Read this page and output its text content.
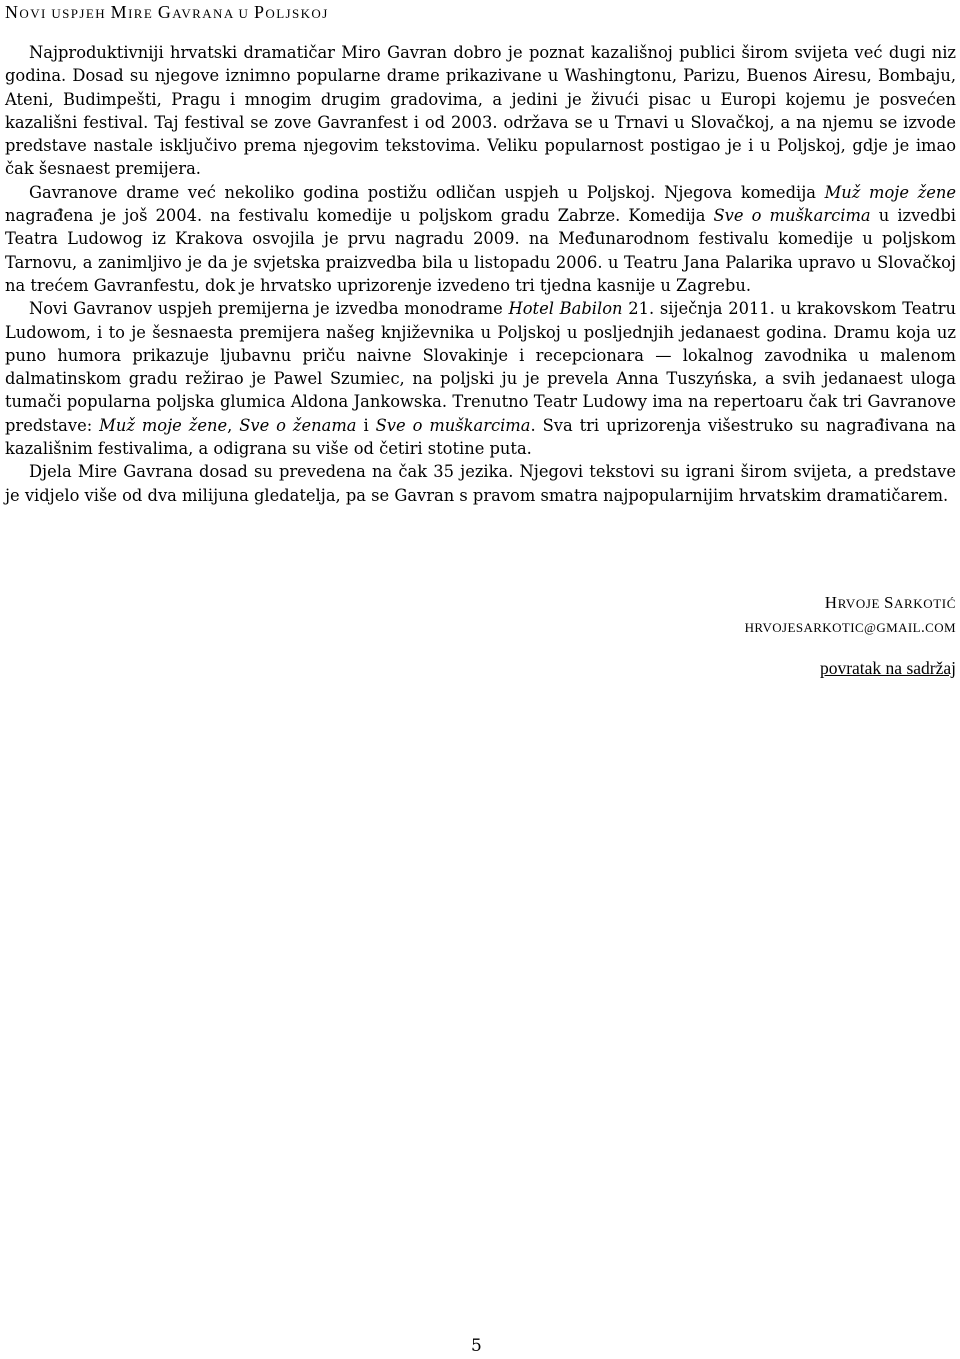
NOVI USPJEH MIRE GAVRANA U POLJSKOJ

Najproduktivniji hrvatski dramatičar Miro Gavran dobro je poznat kazališnoj publici širom svijeta već dugi niz godina. Dosad su njegove iznimno popularne drame prikazivane u Washingtonu, Parizu, Buenos Airesu, Bombaju, Ateni, Budimpešti, Pragu i mnogim drugim gradovima, a jedini je živući pisac u Europi kojemu je posvećen kazališni festival. Taj festival se zove Gavranfest i od 2003. održava se u Trnavi u Slovačkoj, a na njemu se izvode predstave nastale isključivo prema njegovim tekstovima. Veliku popularnost postigao je i u Poljskoj, gdje je imao čak šesnaest premijera.

Gavranove drame već nekoliko godina postižu odličan uspjeh u Poljskoj. Njegova komedija Muž moje žene nagrađena je još 2004. na festivalu komedije u poljskom gradu Zabrze. Komedija Sve o muškarcima u izvedbi Teatra Ludowog iz Krakova osvojila je prvu nagradu 2009. na Međunarodnom festivalu komedije u poljskom Tarnovu, a zanimljivo je da je svjetska praizvedba bila u listopadu 2006. u Teatru Jana Palarika upravo u Slovačkoj na trećem Gavranfestu, dok je hrvatsko uprizorenje izvedeno tri tjedna kasnije u Zagrebu.

Novi Gavranov uspjeh premijerna je izvedba monodrame Hotel Babilon 21. siječnja 2011. u krakovskom Teatru Ludowom, i to je šesnaesta premijera našeg književnika u Poljskoj u posljednjih jedanaest godina. Dramu koja uz puno humora prikazuje ljubavnu priču naivne Slovakinje i recepcionara — lokalnog zavodnika u malenom dalmatinskom gradu režirao je Pawel Szumiec, na poljski ju je prevela Anna Tuszyńska, a svih jedanaest uloga tumači popularna poljska glumica Aldona Jankowska. Trenutno Teatr Ludowy ima na repertoaru čak tri Gavranove predstave: Muž moje žene, Sve o ženama i Sve o muškarcima. Sva tri uprizorenja višestruko su nagrađivana na kazališnim festivalima, a odigrana su više od četiri stotine puta.

Djela Mire Gavrana dosad su prevedena na čak 35 jezika. Njegovi tekstovi su igrani širom svijeta, a predstave je vidjelo više od dva milijuna gledatelja, pa se Gavran s pravom smatra najpopularnijim hrvatskim dramatičarem.

HRVOJE SARKOTIĆ
HRVOJESARKOTIC@GMAIL.COM
povratak na sadržaj
5
